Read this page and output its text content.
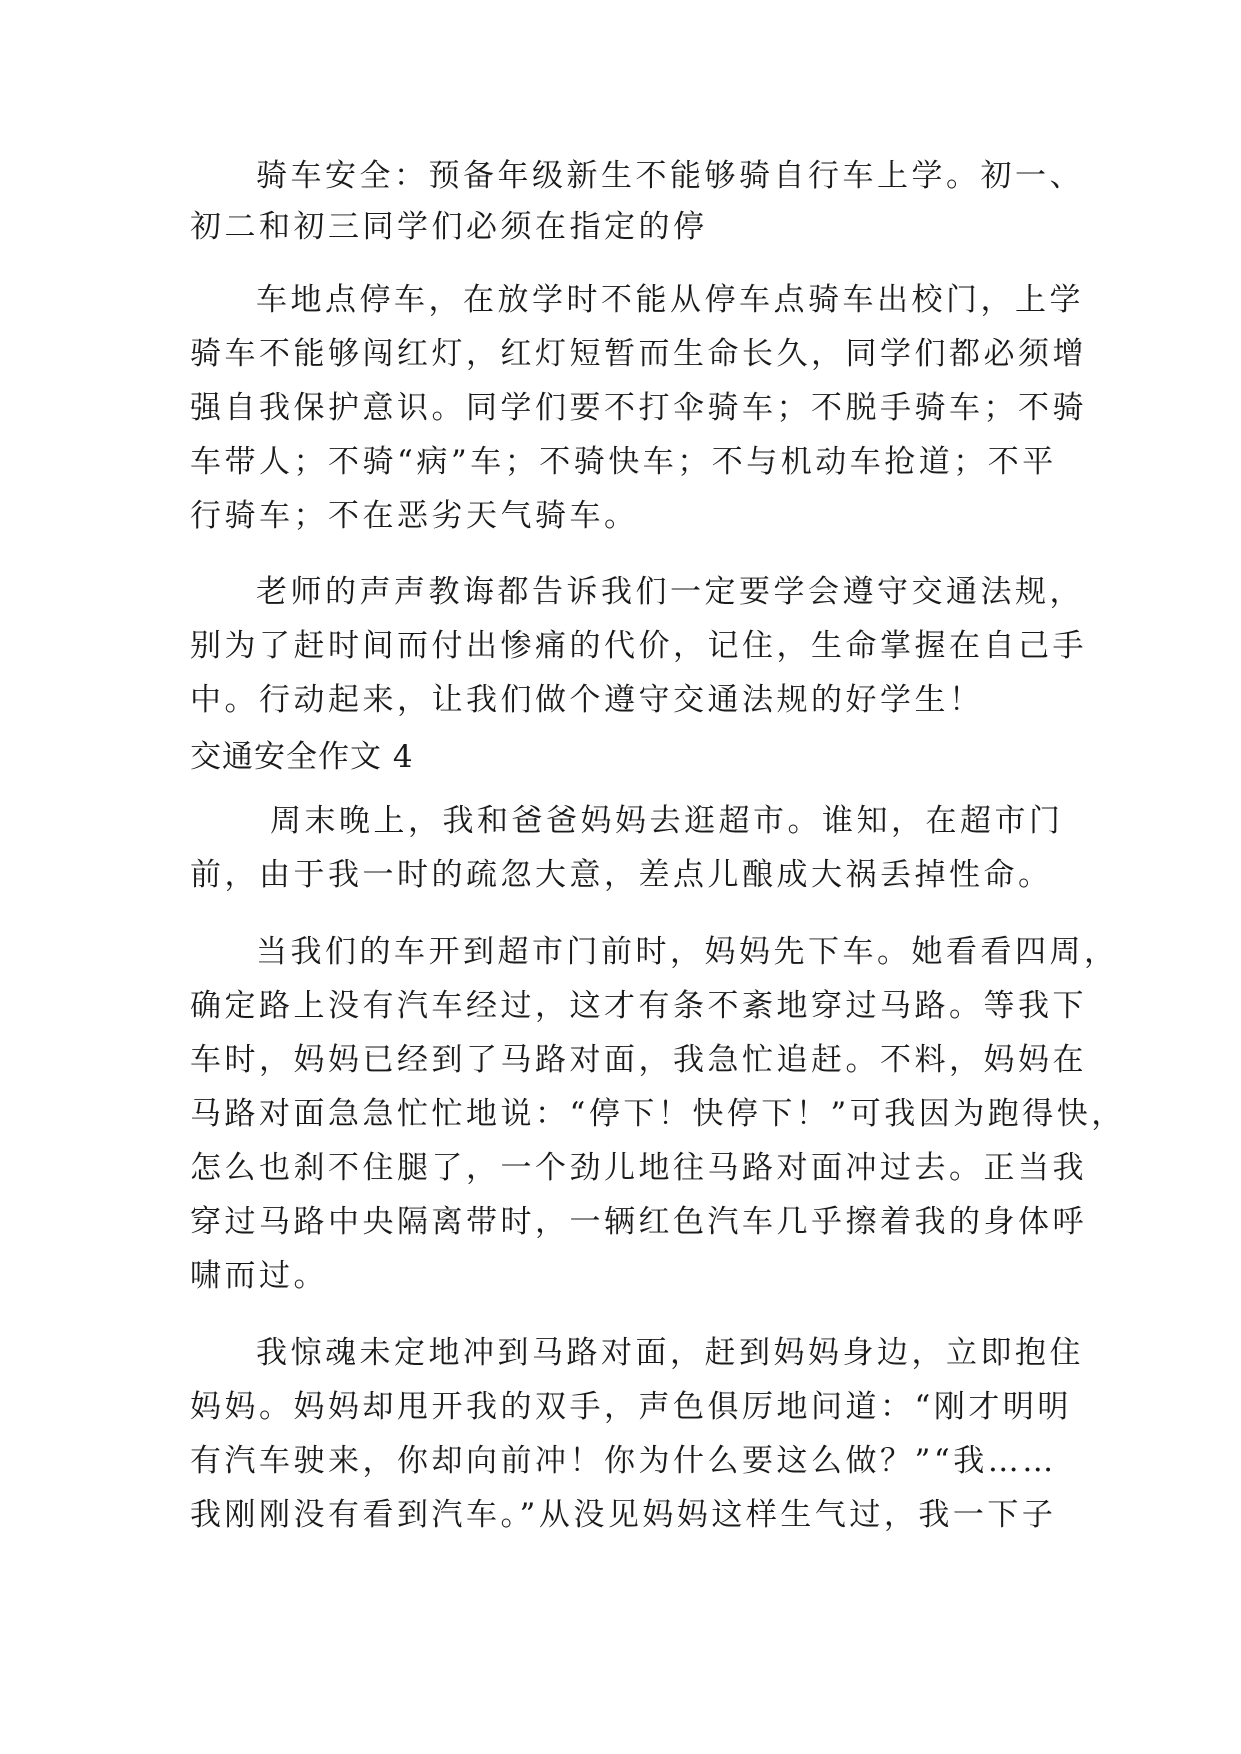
骑车安全：预备年级新生不能够骑自行车上学。初一、
初二和初三同学们必须在指定的停
车地点停车，在放学时不能从停车点骑车出校门，上学
骑车不能够闯红灯，红灯短暂而生命长久，同学们都必须增
强自我保护意识。同学们要不打伞骑车；不脱手骑车；不骑
车带人；不骑“病”车；不骑快车；不与机动车抢道；不平
行骑车；不在恶劣天气骑车。
老师的声声教诲都告诉我们一定要学会遵守交通法规，
别为了赶时间而付出惨痛的代价，记住，生命掌握在自己手
中。行动起来，让我们做个遵守交通法规的好学生！
交通安全作文 4
周末晚上，我和爸爸妈妈去逛超市。谁知，在超市门
前，由于我一时的疏忽大意，差点儿酿成大祸丢掉性命。
当我们的车开到超市门前时，妈妈先下车。她看看四周，
确定路上没有汽车经过，这才有条不紊地穿过马路。等我下
车时，妈妈已经到了马路对面，我急忙追赶。不料，妈妈在
马路对面急急忙忙地说：“停下！快停下！”可我因为跑得快，
怎么也刹不住腿了，一个劲儿地往马路对面冲过去。正当我
穿过马路中央隔离带时，一辆红色汽车几乎擦着我的身体呼
啸而过。
我惊魂未定地冲到马路对面，赶到妈妈身边，立即抱住
妈妈。妈妈却甩开我的双手，声色俱厉地问道：“刚才明明
有汽车驶来，你却向前冲！你为什么要这么做？”“我……
我刚刚没有看到汽车。”从没见妈妈这样生气过，我一下子
